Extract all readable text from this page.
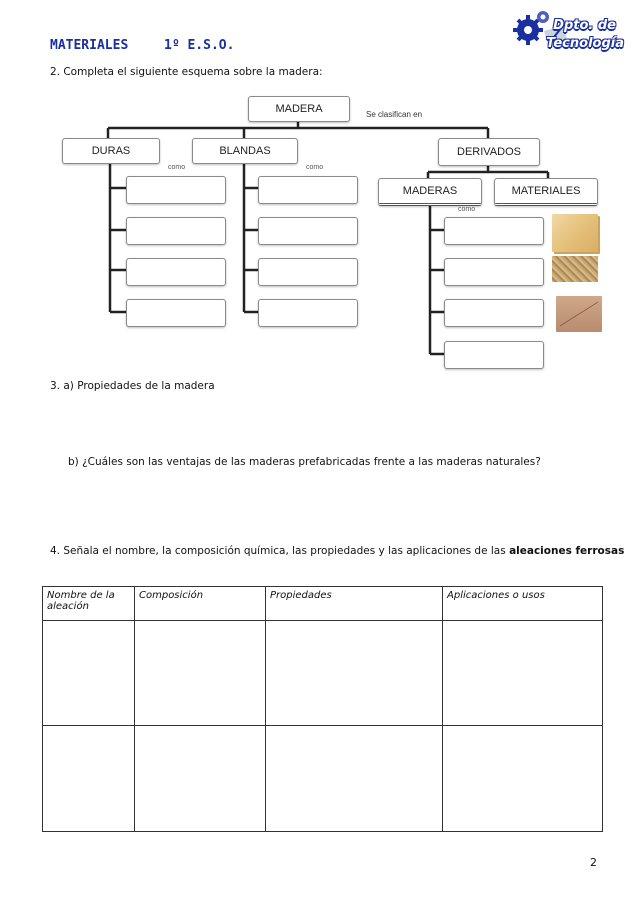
MATERIALES	1º E.S.O.
Dpto. de
Tecnología
2. Completa el siguiente esquema sobre la madera:
MADERA	Se clasifican en
DURAS	BLANDAS	DERIVADOS
como	como
MADERAS	MATERIALES
como
3. a) Propiedades de la madera
b) ¿Cuáles son las ventajas de las maderas prefabricadas frente a las maderas naturales?
4. Señala el nombre, la composición química, las propiedades y las aplicaciones de las aleaciones ferrosas
Nombre de la aleación	Composición	Propiedades	Aplicaciones o usos

2
